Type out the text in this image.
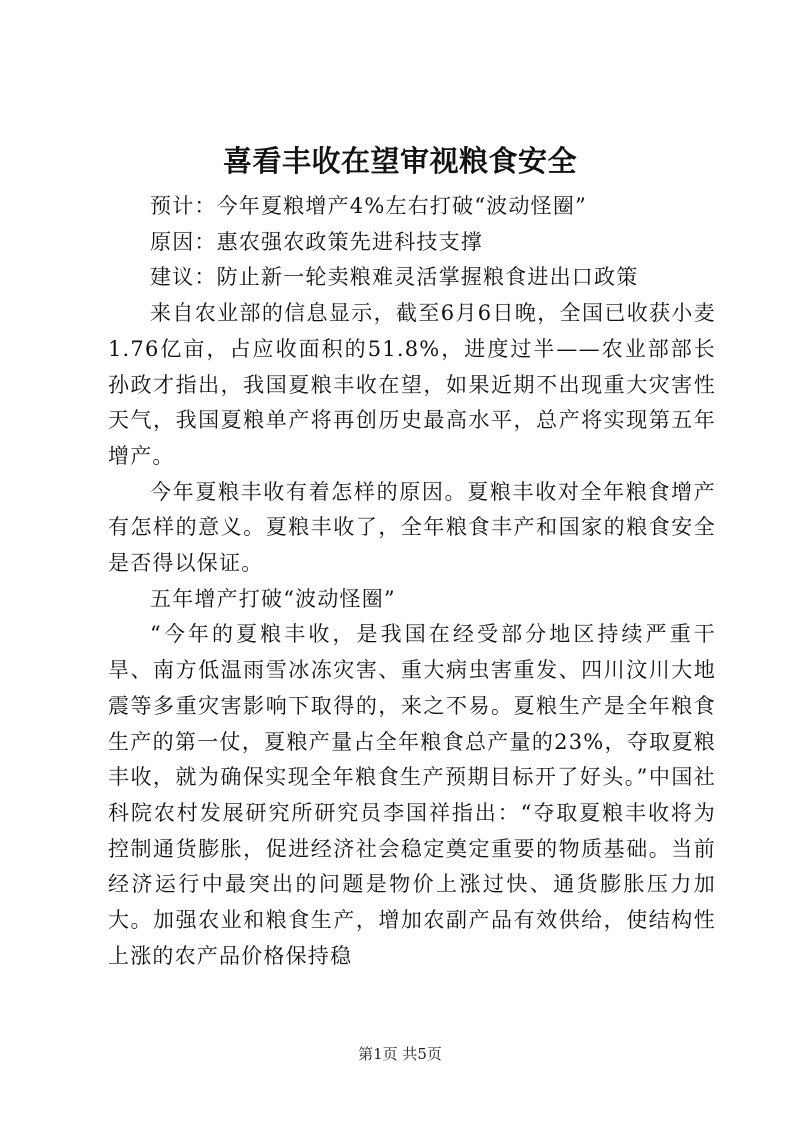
喜看丰收在望审视粮食安全

预计：今年夏粮增产4%左右打破“波动怪圈”

原因：惠农强农政策先进科技支撑

建议：防止新一轮卖粮难灵活掌握粮食进出口政策

来自农业部的信息显示，截至6月6日晚，全国已收获小麦1.76亿亩，占应收面积的51.8%，进度过半——农业部部长孙政才指出，我国夏粮丰收在望，如果近期不出现重大灾害性天气，我国夏粮单产将再创历史最高水平，总产将实现第五年增产。

今年夏粮丰收有着怎样的原因。夏粮丰收对全年粮食增产有怎样的意义。夏粮丰收了，全年粮食丰产和国家的粮食安全是否得以保证。

五年增产打破“波动怪圈”

“今年的夏粮丰收，是我国在经受部分地区持续严重干旱、南方低温雨雪冰冻灾害、重大病虫害重发、四川汶川大地震等多重灾害影响下取得的，来之不易。夏粮生产是全年粮食生产的第一仗，夏粮产量占全年粮食总产量的23%，夺取夏粮丰收，就为确保实现全年粮食生产预期目标开了好头。”中国社科院农村发展研究所研究员李国祥指出：“夺取夏粮丰收将为控制通货膨胀，促进经济社会稳定奠定重要的物质基础。当前经济运行中最突出的问题是物价上涨过快、通货膨胀压力加大。加强农业和粮食生产，增加农副产品有效供给，使结构性上涨的农产品价格保持稳

第1页 共5页
